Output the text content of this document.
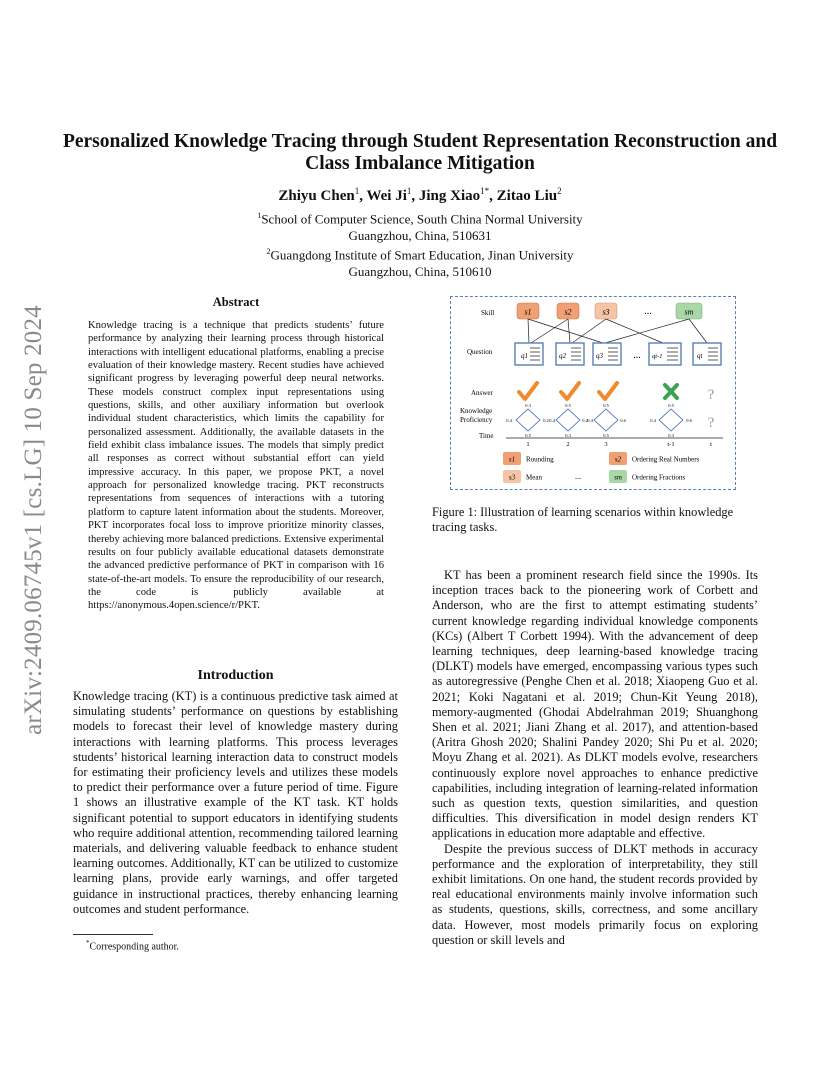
arXiv:2409.06745v1 [cs.LG] 10 Sep 2024
Personalized Knowledge Tracing through Student Representation Reconstruction and Class Imbalance Mitigation
Zhiyu Chen$^1$, Wei Ji$^1$, Jing Xiao$^{1*}$, Zitao Liu$^2$
$^1$School of Computer Science, South China Normal University
Guangzhou, China, 510631
$^2$Guangdong Institute of Smart Education, Jinan University
Guangzhou, China, 510610
Abstract

Knowledge tracing is a technique that predicts students’ future performance by analyzing their learning process through historical interactions with intelligent educational platforms, enabling a precise evaluation of their knowledge mastery. Recent studies have achieved significant progress by leveraging powerful deep neural networks. These models construct complex input representations using questions, skills, and other auxiliary information but overlook individual student characteristics, which limits the capability for personalized assessment. Additionally, the available datasets in the field exhibit class imbalance issues. The models that simply predict all responses as correct without substantial effort can yield impressive accuracy. In this paper, we propose PKT, a novel approach for personalized knowledge tracing. PKT reconstructs representations from sequences of interactions with a tutoring platform to capture latent information about the students. Moreover, PKT incorporates focal loss to improve prioritize minority classes, thereby achieving more balanced predictions. Extensive experimental results on four publicly available educational datasets demonstrate the advanced predictive performance of PKT in comparison with 16 state-of-the-art models. To ensure the reproducibility of our research, the code is publicly available at https://anonymous.4open.science/r/PKT.

Introduction

Knowledge tracing (KT) is a continuous predictive task aimed at simulating students’ performance on questions by establishing models to forecast their level of knowledge mastery during interactions with learning platforms. This process leverages students’ historical learning interaction data to construct models for estimating their proficiency levels and utilizes these models to predict their performance over a future period of time. Figure 1 shows an illustrative example of the KT task. KT holds significant potential to support educators in identifying students who require additional attention, recommending tailored learning materials, and delivering valuable feedback to enhance student learning outcomes. Additionally, KT can be utilized to customize learning plans, provide early warnings, and offer targeted guidance in instructional practices, thereby enhancing learning outcomes and student performance.

*Corresponding author.
Skill
Question
Answer
Knowledge
Proficiency
Time
s1	s2	s3	...	sm
q1	q2	q3	... qt-1	qt
?
0.3
0.4	0.2
0.5
0.5
0.4	0.2
0.3
0.5
0.4	0.6
0.5
0.5
0.4	0.6
0.3
?
1	2	3	t-1	t
s1 Rounding	s2 Ordering Real Numbers
s3 Mean	...	sm Ordering Fractions

Figure 1: Illustration of learning scenarios within knowledge tracing tasks.

KT has been a prominent research field since the 1990s. Its inception traces back to the pioneering work of Corbett and Anderson, who are the first to attempt estimating students’ current knowledge regarding individual knowledge components (KCs) (Albert T Corbett 1994). With the advancement of deep learning techniques, deep learning-based knowledge tracing (DLKT) models have emerged, encompassing various types such as autoregressive (Penghe Chen et al. 2018; Xiaopeng Guo et al. 2021; Koki Nagatani et al. 2019; Chun-Kit Yeung 2018), memory-augmented (Ghodai Abdelrahman 2019; Shuanghong Shen et al. 2021; Jiani Zhang et al. 2017), and attention-based (Aritra Ghosh 2020; Shalini Pandey 2020; Shi Pu et al. 2020; Moyu Zhang et al. 2021). As DLKT models evolve, researchers continuously explore novel approaches to enhance predictive capabilities, including integration of learning-related information such as question texts, question similarities, and question difficulties. This diversification in model design renders KT applications in education more adaptable and effective.

Despite the previous success of DLKT methods in accuracy performance and the exploration of interpretability, they still exhibit limitations. On one hand, the student records provided by real educational environments mainly involve information such as students, questions, skills, correctness, and some ancillary data. However, most models primarily focus on exploring question or skill levels and
